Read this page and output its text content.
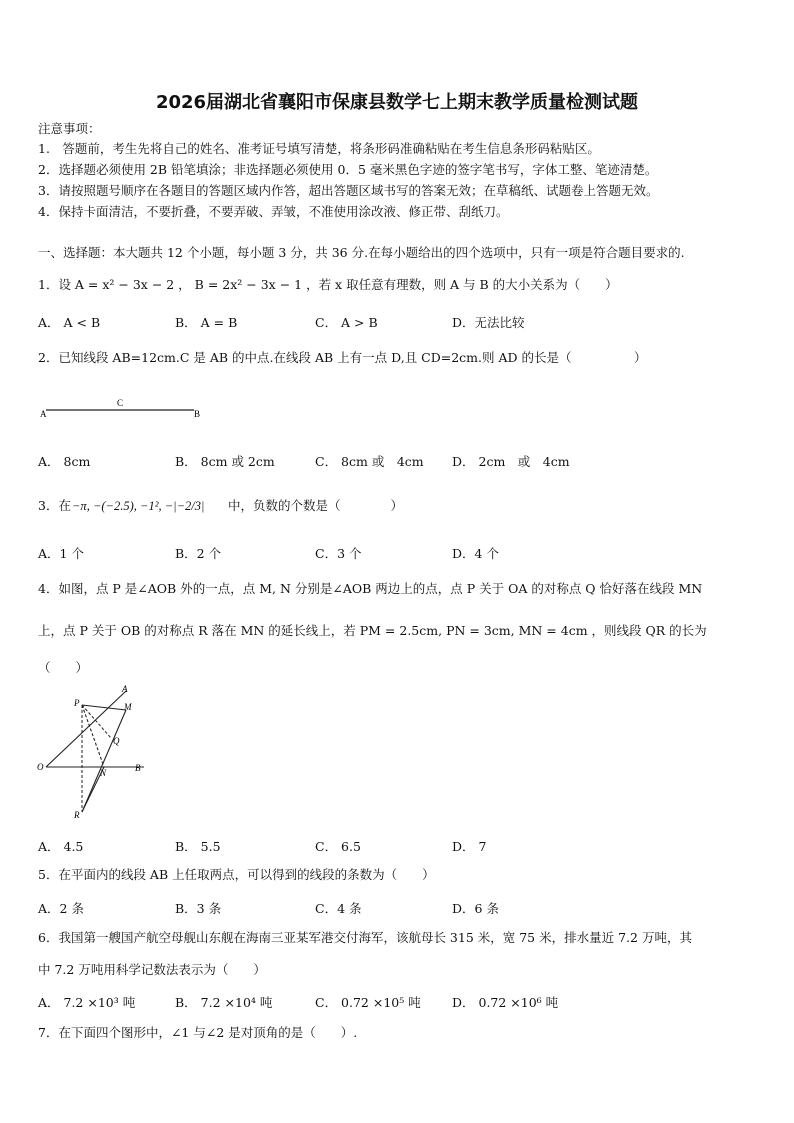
2026届湖北省襄阳市保康县数学七上期末教学质量检测试题
注意事项：
1.　答题前，考生先将自己的姓名、准考证号填写清楚，将条形码准确粘贴在考生信息条形码粘贴区。
2．选择题必须使用 2B 铅笔填涂；非选择题必须使用 0．5 毫米黑色字迹的签字笔书写，字体工整、笔迹清楚。
3．请按照题号顺序在各题目的答题区域内作答，超出答题区域书写的答案无效；在草稿纸、试题卷上答题无效。
4．保持卡面清洁，不要折叠，不要弄破、弄皱，不准使用涂改液、修正带、刮纸刀。
一、选择题：本大题共 12 个小题，每小题 3 分，共 36 分.在每小题给出的四个选项中，只有一项是符合题目要求的.
1．设 A = x² − 3x − 2 ， B = 2x² − 3x − 1 ，若 x 取任意有理数，则 A 与 B 的大小关系为（　　）
A． A < B	B． A = B	C． A > B	D．无法比较
2．已知线段 AB=12cm.C 是 AB 的中点.在线段 AB 上有一点 D,且 CD=2cm.则 AD 的长是（　　　　　）
A
C
B
A． 8cm	B． 8cm 或 2cm	C． 8cm 或　4cm D． 2cm　或　4cm
3．在 −π, −(−2.5), −1², −|−2/3| 中，负数的个数是（　　　　）
A．1 个	B．2 个	C．3 个	D．4 个
4．如图，点 P 是∠AOB 外的一点，点 M, N 分别是∠AOB 两边上的点，点 P 关于 OA 的对称点 Q 恰好落在线段 MN
上，点 P 关于 OB 的对称点 R 落在 MN 的延长线上，若 PM = 2.5cm, PN = 3cm, MN = 4cm ，则线段 QR 的长为
（　　）
A
P	M
Q
O
N	B
R
A． 4.5	B． 5.5	C． 6.5	D． 7
5．在平面内的线段 AB 上任取两点，可以得到的线段的条数为（　　）
A．2 条	B．3 条	C．4 条	D．6 条
6．我国第一艘国产航空母舰山东舰在海南三亚某军港交付海军，该航母长 315 米，宽 75 米，排水量近 7.2 万吨，其
中 7.2 万吨用科学记数法表示为（　　）
A． 7.2 ×10³ 吨	B． 7.2 ×10⁴ 吨	C． 0.72 ×10⁵ 吨	D． 0.72 ×10⁶ 吨
7．在下面四个图形中，∠1 与∠2 是对顶角的是（　　）.
